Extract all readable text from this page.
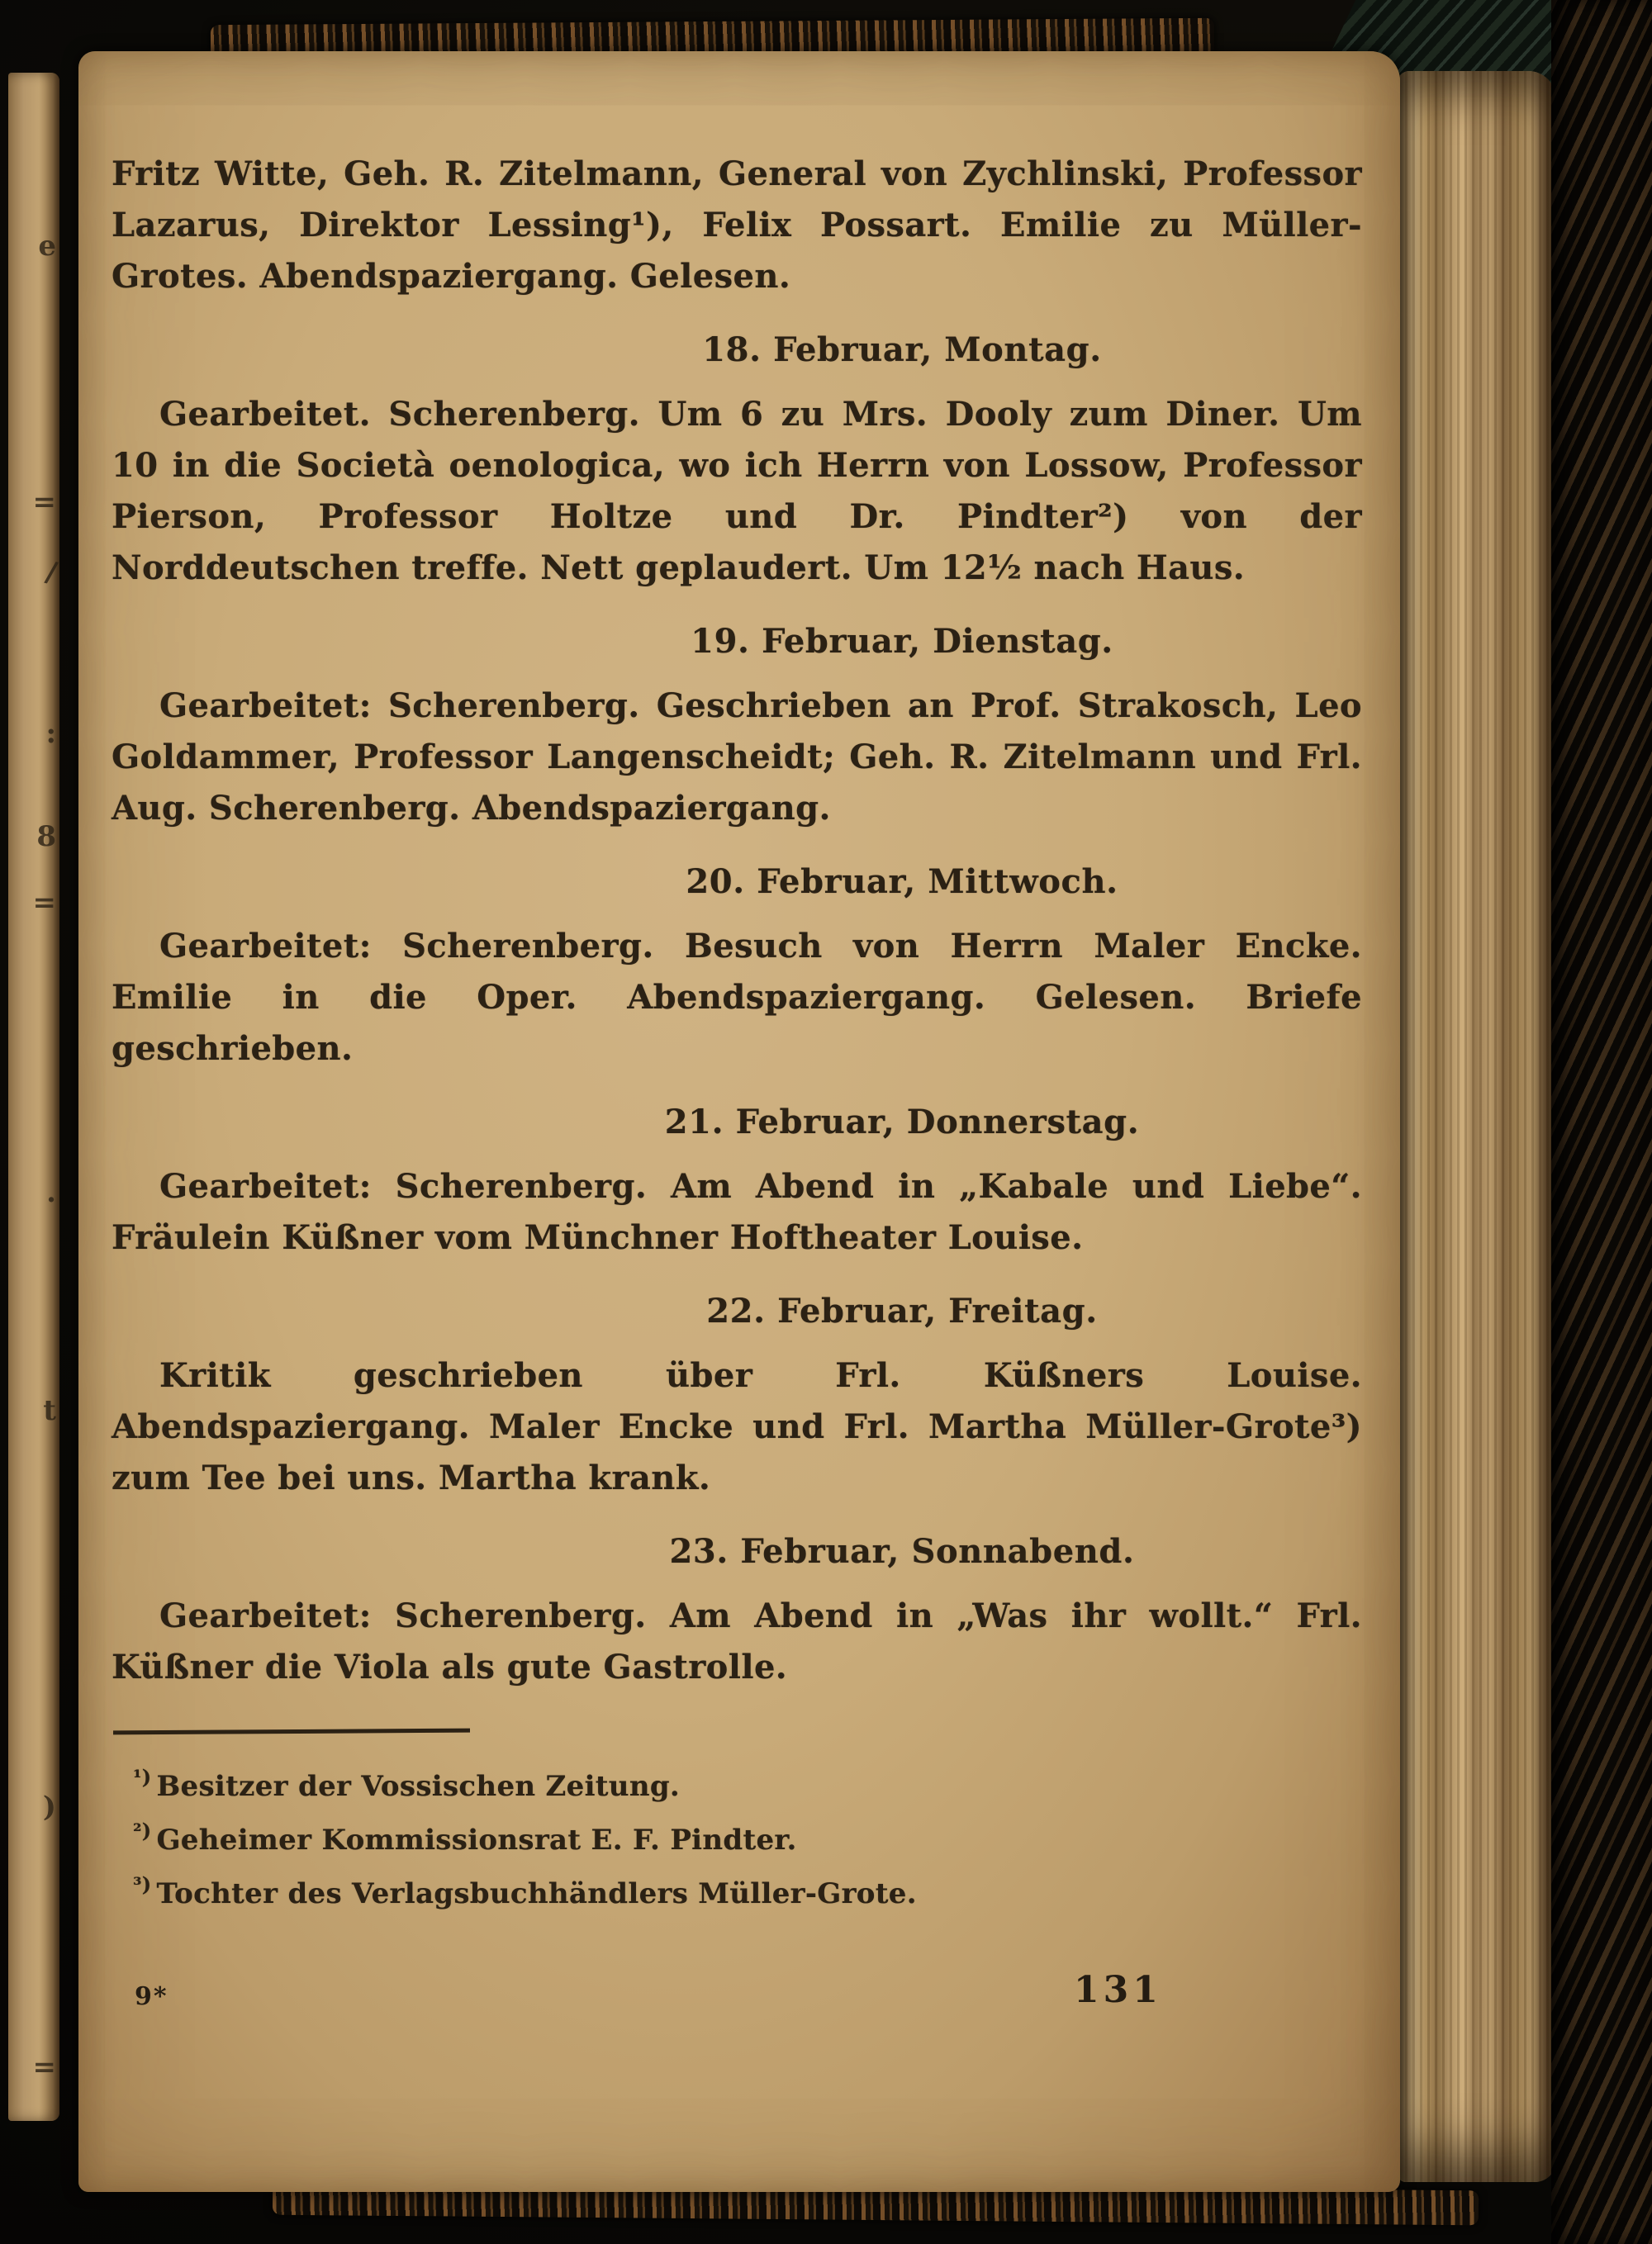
e
=
/
:
8
=
·
t
)
=

Fritz Witte, Geh. R. Zitelmann, General von Zychlinski, Professor Lazarus, Direktor Lessing¹), Felix Possart. Emilie zu Müller-Grotes. Abendspaziergang. Gelesen.

18. Februar, Montag.

Gearbeitet. Scherenberg. Um 6 zu Mrs. Dooly zum Diner. Um 10 in die Società oenologica, wo ich Herrn von Lossow, Professor Pierson, Professor Holtze und Dr. Pindter²) von der Norddeutschen treffe. Nett geplaudert. Um 12½ nach Haus.

19. Februar, Dienstag.

Gearbeitet: Scherenberg. Geschrieben an Prof. Strakosch, Leo Goldammer, Professor Langenscheidt; Geh. R. Zitelmann und Frl. Aug. Scherenberg. Abendspaziergang.

20. Februar, Mittwoch.

Gearbeitet: Scherenberg. Besuch von Herrn Maler Encke. Emilie in die Oper. Abendspaziergang. Gelesen. Briefe geschrieben.

21. Februar, Donnerstag.

Gearbeitet: Scherenberg. Am Abend in „Kabale und Liebe“. Fräulein Küßner vom Münchner Hoftheater Louise.

22. Februar, Freitag.

Kritik geschrieben über Frl. Küßners Louise. Abendspaziergang. Maler Encke und Frl. Martha Müller-Grote³) zum Tee bei uns. Martha krank.

23. Februar, Sonnabend.

Gearbeitet: Scherenberg. Am Abend in „Was ihr wollt.“ Frl. Küßner die Viola als gute Gastrolle.

$^{^1)}$ Besitzer der Vossischen Zeitung.
$^{^2)}$ Geheimer Kommissionsrat E. F. Pindter.
$^{^3)}$ Tochter des Verlagsbuchhändlers Müller-Grote.
9*	131
